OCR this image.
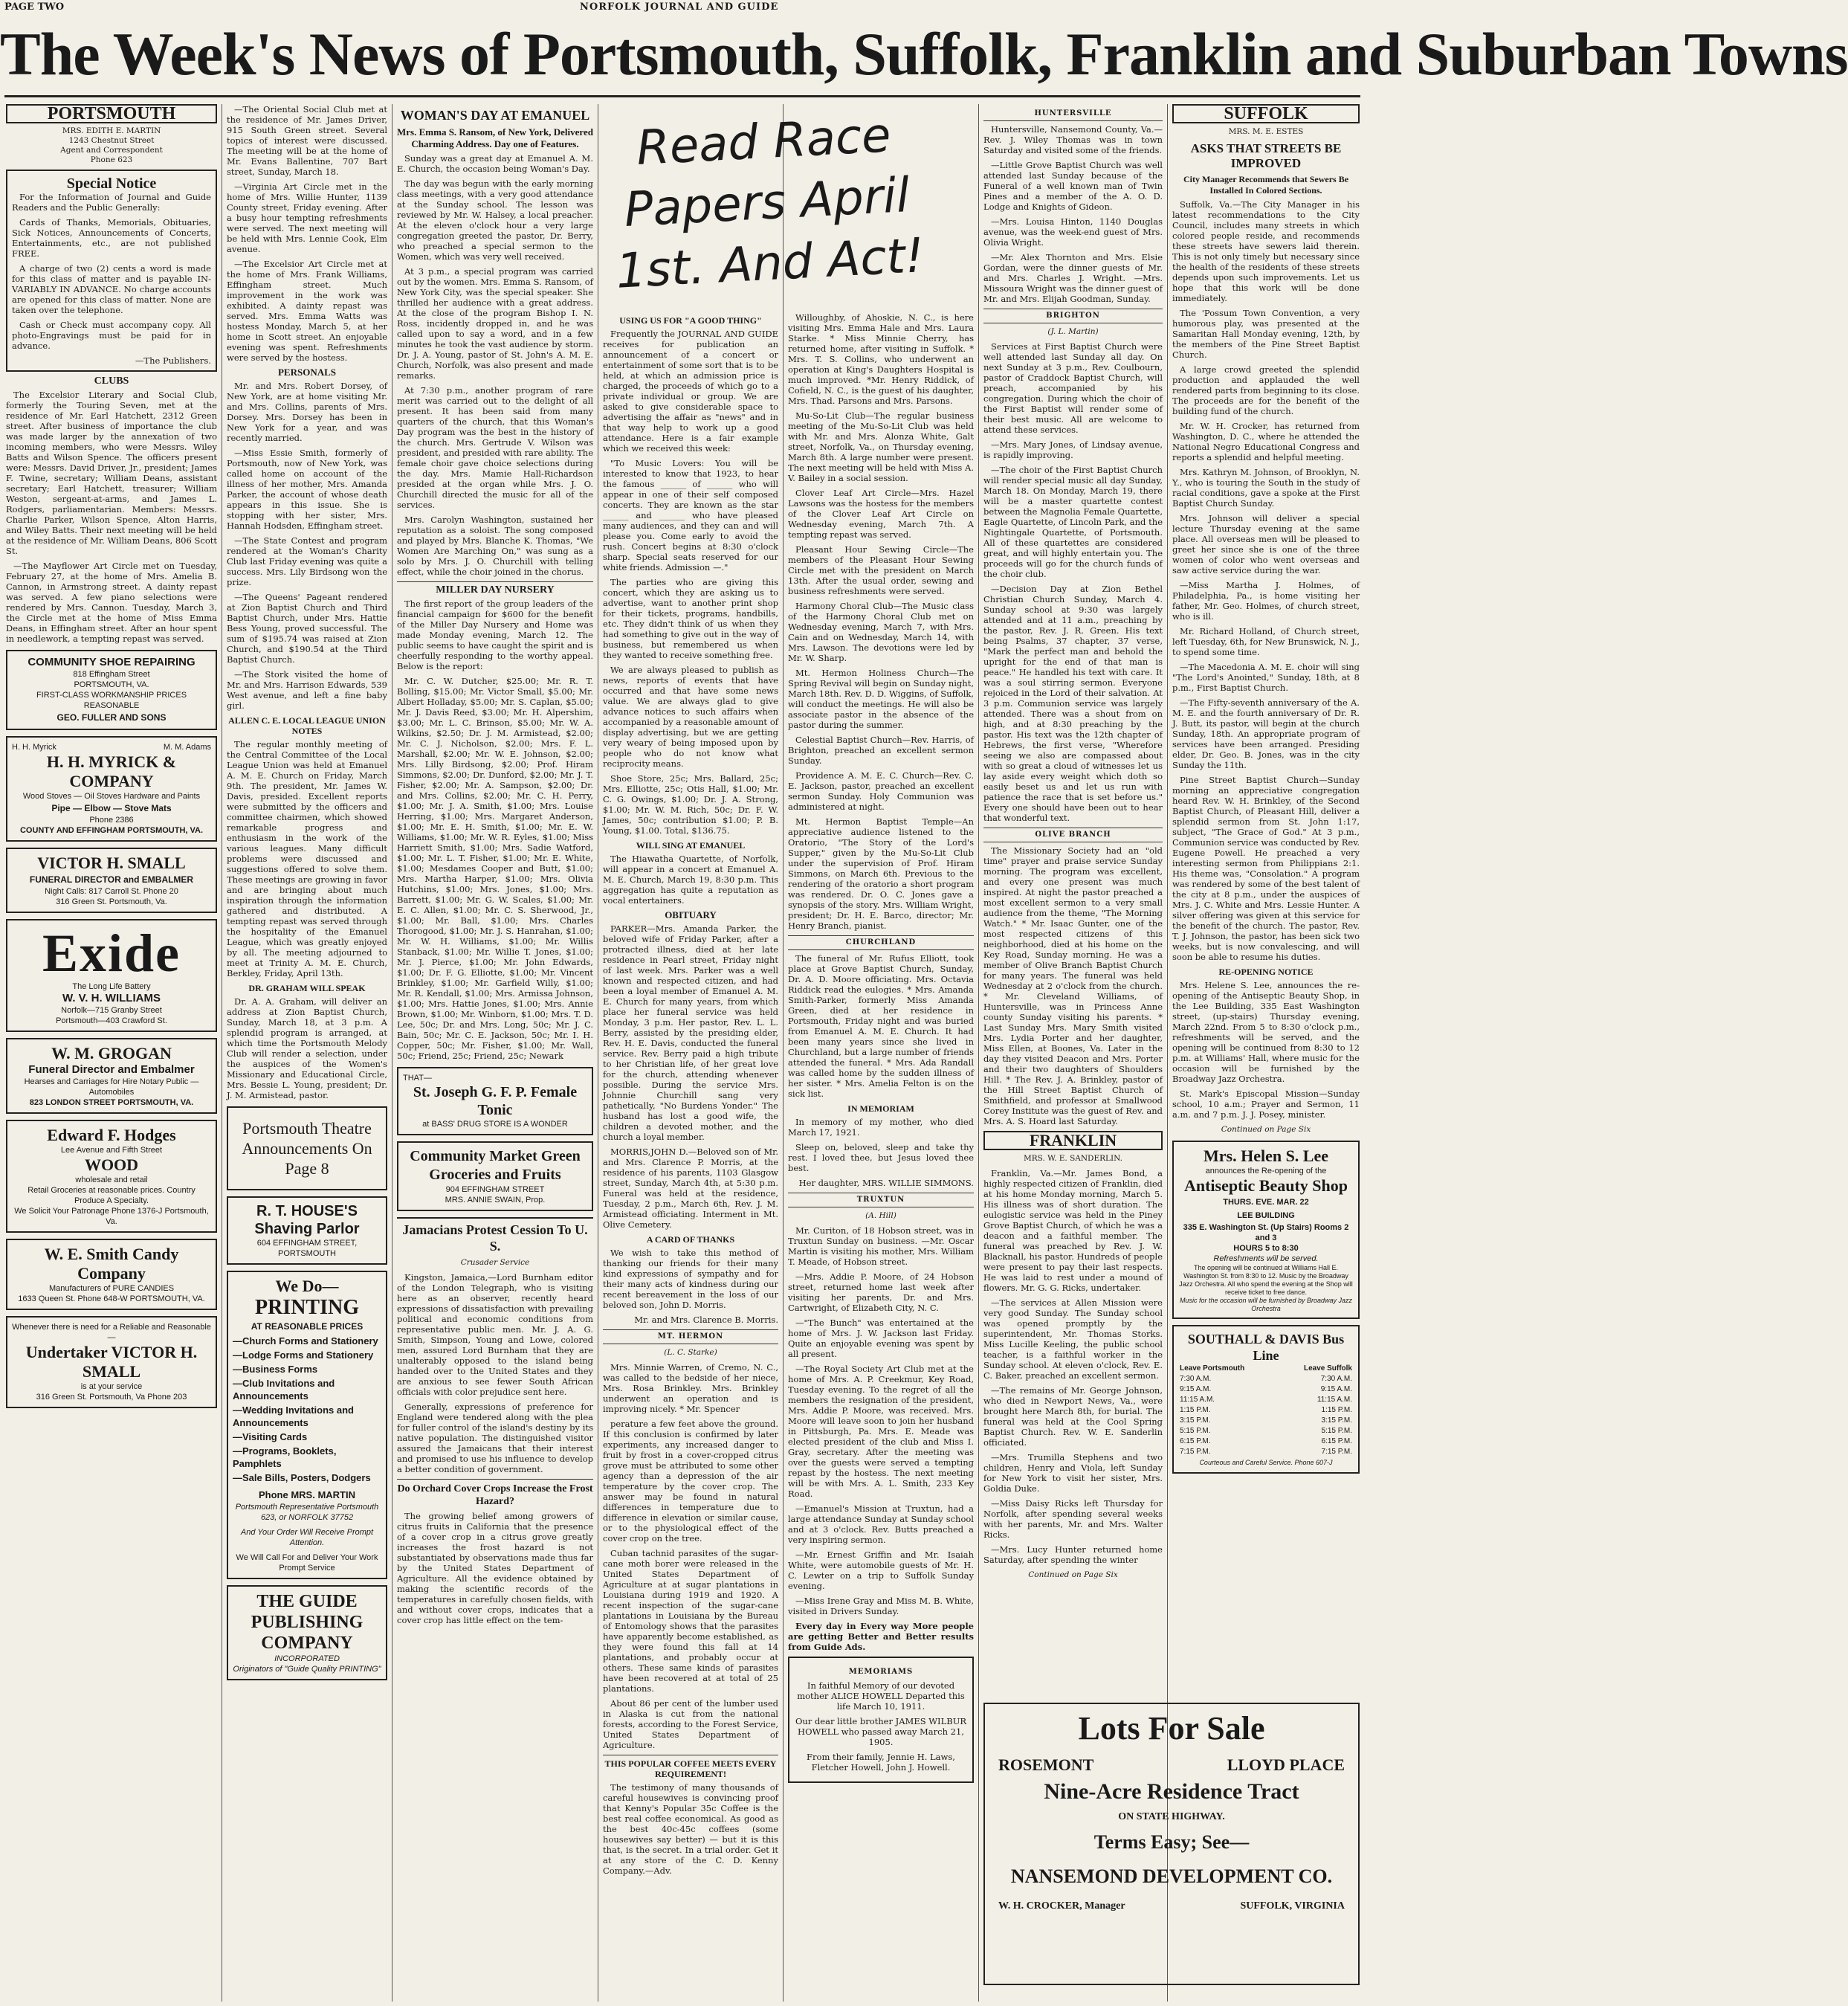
PAGE TWO	NORFOLK JOURNAL AND GUIDE
The Week's News of Portsmouth, Suffolk, Franklin and Suburban Towns
PORTSMOUTH
MRS. EDITH E. MARTIN
1243 Chestnut Street
Agent and Correspondent
Phone 623
Special Notice

For the Information of Journal and Guide Readers and the Public Generally:

Cards of Thanks, Memorials, Obituaries, Sick Notices, Announcements of Concerts, Entertainments, etc., are not published FREE.

A charge of two (2) cents a word is made for this class of matter and is payable IN-VARIABLY IN ADVANCE. No charge accounts are opened for this class of matter. None are taken over the telephone.

Cash or Check must accompany copy. All photo-Engravings must be paid for in advance.

—The Publishers.
CLUBS

The Excelsior Literary and Social Club, formerly the Touring Seven, met at the residence of Mr. Earl Hatchett, 2312 Green street. After business of importance the club was made larger by the annexation of two incoming members, who were Messrs. Wiley Batts and Wilson Spence. The officers present were: Messrs. David Driver, Jr., president; James F. Twine, secretary; William Deans, assistant secretary; Earl Hatchett, treasurer; William Weston, sergeant-at-arms, and James L. Rodgers, parliamentarian. Members: Messrs. Charlie Parker, Wilson Spence, Alton Harris, and Wiley Batts. Their next meeting will be held at the residence of Mr. William Deans, 806 Scott St.

—The Mayflower Art Circle met on Tuesday, February 27, at the home of Mrs. Amelia B. Cannon, in Armstrong street. A dainty repast was served. A few piano selections were rendered by Mrs. Cannon. Tuesday, March 3, the Circle met at the home of Miss Emma Deans, in Effingham street. After an hour spent in needlework, a tempting repast was served.

COMMUNITY SHOE REPAIRING
818 Effingham Street
PORTSMOUTH, VA.
FIRST-CLASS WORKMANSHIP PRICES REASONABLE
GEO. FULLER AND SONS
H. H. Myrick	M. M. Adams
H. H. MYRICK & COMPANY
Wood Stoves — Oil Stoves Hardware and Paints
Pipe — Elbow — Stove Mats
Phone 2386
COUNTY AND EFFINGHAM PORTSMOUTH, VA.
VICTOR H. SMALL
FUNERAL DIRECTOR and EMBALMER
Night Calls: 817 Carroll St. Phone 20
316 Green St. Portsmouth, Va.
Exide
The Long Life Battery
W. V. H. WILLIAMS
Norfolk—715 Granby Street
Portsmouth—403 Crawford St.
W. M. GROGAN
Funeral Director and Embalmer
Hearses and Carriages for Hire Notary Public — Automobiles
823 LONDON STREET PORTSMOUTH, VA.
Edward F. Hodges
Lee Avenue and Fifth Street
WOOD
wholesale and retail
Retail Groceries at reasonable prices. Country Produce A Specialty.
We Solicit Your Patronage Phone 1376-J Portsmouth, Va.
W. E. Smith Candy Company
Manufacturers of PURE CANDIES
1633 Queen St. Phone 648-W PORTSMOUTH, VA.
Whenever there is need for a Reliable and Reasonable—
Undertaker VICTOR H. SMALL
is at your service
316 Green St. Portsmouth, Va Phone 203

—The Oriental Social Club met at the residence of Mr. James Driver, 915 South Green street. Several topics of interest were discussed. The meeting will be at the home of Mr. Evans Ballentine, 707 Bart street, Sunday, March 18.

—Virginia Art Circle met in the home of Mrs. Willie Hunter, 1139 County street, Friday evening. After a busy hour tempting refreshments were served. The next meeting will be held with Mrs. Lennie Cook, Elm avenue.

—The Excelsior Art Circle met at the home of Mrs. Frank Williams, Effingham street. Much improvement in the work was exhibited. A dainty repast was served. Mrs. Emma Watts was hostess Monday, March 5, at her home in Scott street. An enjoyable evening was spent. Refreshments were served by the hostess.

PERSONALS

Mr. and Mrs. Robert Dorsey, of New York, are at home visiting Mr. and Mrs. Collins, parents of Mrs. Dorsey. Mrs. Dorsey has been in New York for a year, and was recently married.

—Miss Essie Smith, formerly of Portsmouth, now of New York, was called home on account of the illness of her mother, Mrs. Amanda Parker, the account of whose death appears in this issue. She is stopping with her sister, Mrs. Hannah Hodsden, Effingham street.

—The State Contest and program rendered at the Woman's Charity Club last Friday evening was quite a success. Mrs. Lily Birdsong won the prize.

—The Queens' Pageant rendered at Zion Baptist Church and Third Baptist Church, under Mrs. Hattie Bess Young, proved successful. The sum of $195.74 was raised at Zion Church, and $190.54 at the Third Baptist Church.

—The Stork visited the home of Mr. and Mrs. Harrison Edwards, 539 West avenue, and left a fine baby girl.

ALLEN C. E. LOCAL LEAGUE UNION NOTES

The regular monthly meeting of the Central Committee of the Local League Union was held at Emanuel A. M. E. Church on Friday, March 9th. The president, Mr. James W. Davis, presided. Excellent reports were submitted by the officers and committee chairmen, which showed remarkable progress and enthusiasm in the work of the various leagues. Many difficult problems were discussed and suggestions offered to solve them. These meetings are growing in favor and are bringing about much inspiration through the information gathered and distributed. A tempting repast was served through the hospitality of the Emanuel League, which was greatly enjoyed by all. The meeting adjourned to meet at Trinity A. M. E. Church, Berkley, Friday, April 13th.

DR. GRAHAM WILL SPEAK

Dr. A. A. Graham, will deliver an address at Zion Baptist Church, Sunday, March 18, at 3 p.m. A splendid program is arranged, at which time the Portsmouth Melody Club will render a selection, under the auspices of the Women's Missionary and Educational Circle, Mrs. Bessie L. Young, president; Dr. J. M. Armistead, pastor.

Portsmouth Theatre Announcements On Page 8
R. T. HOUSE'S
Shaving Parlor
604 EFFINGHAM STREET, PORTSMOUTH
We Do—
PRINTING
AT REASONABLE PRICES
—Church Forms and Stationery
—Lodge Forms and Stationery
—Business Forms
—Club Invitations and Announcements
—Wedding Invitations and Announcements
—Visiting Cards
—Programs, Booklets, Pamphlets
—Sale Bills, Posters, Dodgers
Phone MRS. MARTIN
Portsmouth Representative Portsmouth 623, or NORFOLK 37752
And Your Order Will Receive Prompt Attention.
We Will Call For and Deliver Your Work
Prompt Service
THE GUIDE PUBLISHING COMPANY
INCORPORATED
Originators of "Guide Quality PRINTING"
WOMAN'S DAY AT EMANUEL
Mrs. Emma S. Ransom, of New York, Delivered Charming Address. Day one of Features.

Sunday was a great day at Emanuel A. M. E. Church, the occasion being Woman's Day.

The day was begun with the early morning class meetings, with a very good attendance at the Sunday school. The lesson was reviewed by Mr. W. Halsey, a local preacher. At the eleven o'clock hour a very large congregation greeted the pastor, Dr. Berry, who preached a special sermon to the Women, which was very well received.

At 3 p.m., a special program was carried out by the women. Mrs. Emma S. Ransom, of New York City, was the special speaker. She thrilled her audience with a great address. At the close of the program Bishop I. N. Ross, incidently dropped in, and he was called upon to say a word, and in a few minutes he took the vast audience by storm. Dr. J. A. Young, pastor of St. John's A. M. E. Church, Norfolk, was also present and made remarks.

At 7:30 p.m., another program of rare merit was carried out to the delight of all present. It has been said from many quarters of the church, that this Woman's Day program was the best in the history of the church. Mrs. Gertrude V. Wilson was president, and presided with rare ability. The female choir gave choice selections during the day. Mrs. Mamie Hall-Richardson presided at the organ while Mrs. J. O. Churchill directed the music for all of the services.

Mrs. Carolyn Washington, sustained her reputation as a soloist. The song composed and played by Mrs. Blanche K. Thomas, "We Women Are Marching On," was sung as a solo by Mrs. J. O. Churchill with telling effect, while the choir joined in the chorus.

MILLER DAY NURSERY

The first report of the group leaders of the financial campaign for $600 for the benefit of the Miller Day Nursery and Home was made Monday evening, March 12. The public seems to have caught the spirit and is cheerfully responding to the worthy appeal. Below is the report:

Mr. C. W. Dutcher, $25.00; Mr. R. T. Bolling, $15.00; Mr. Victor Small, $5.00; Mr. Albert Holladay, $5.00; Mr. S. Caplan, $5.00; Mr. J. Davis Reed, $3.00; Mr. H. Alpershim, $3.00; Mr. L. C. Brinson, $5.00; Mr. W. A. Wilkins, $2.50; Dr. J. M. Armistead, $2.00; Mr. C. J. Nicholson, $2.00; Mrs. F. L. Marshall, $2.00; Mr. W. E. Johnson, $2.00; Mrs. Lilly Birdsong, $2.00; Prof. Hiram Simmons, $2.00; Dr. Dunford, $2.00; Mr. J. T. Fisher, $2.00; Mr. A. Sampson, $2.00; Dr. and Mrs. Collins, $2.00; Mr. C. H. Perry, $1.00; Mr. J. A. Smith, $1.00; Mrs. Louise Herring, $1.00; Mrs. Margaret Anderson, $1.00; Mr. E. H. Smith, $1.00; Mr. E. W. Williams, $1.00; Mr. W. R. Eyles, $1.00; Miss Harriett Smith, $1.00; Mrs. Sadie Watford, $1.00; Mr. L. T. Fisher, $1.00; Mr. E. White, $1.00; Mesdames Cooper and Butt, $1.00; Mrs. Martha Harper, $1.00; Mrs. Olivia Hutchins, $1.00; Mrs. Jones, $1.00; Mrs. Barrett, $1.00; Mr. G. W. Scales, $1.00; Mr. E. C. Allen, $1.00; Mr. C. S. Sherwood, Jr., $1.00; Mr. Ball, $1.00; Mrs. Charles Thorogood, $1.00; Mr. J. S. Hanrahan, $1.00; Mr. W. H. Williams, $1.00; Mr. Willis Stanback, $1.00; Mr. Willie T. Jones, $1.00; Mr. J. Pierce, $1.00; Mr. John Edwards, $1.00; Dr. F. G. Elliotte, $1.00; Mr. Vincent Brinkley, $1.00; Mr. Garfield Willy, $1.00; Mr. R. Kendall, $1.00; Mrs. Armissa Johnson, $1.00; Mrs. Hattie Jones, $1.00; Mrs. Annie Brown, $1.00; Mr. Winborn, $1.00; Mrs. T. D. Lee, 50c; Dr. and Mrs. Long, 50c; Mr. J. C. Bain, 50c; Mr. C. E. Jackson, 50c; Mr. I. H. Copper, 50c; Mr. Fisher, $1.00; Mr. Wall, 50c; Friend, 25c; Friend, 25c; Newark

THAT—
St. Joseph G. F. P. Female Tonic
at BASS' DRUG STORE IS A WONDER
Community Market Green Groceries and Fruits
904 EFFINGHAM STREET
MRS. ANNIE SWAIN, Prop.
Jamacians Protest Cession To U. S.
Crusader Service

Kingston, Jamaica,—Lord Burnham editor of the London Telegraph, who is visiting here as an observer, recently heard expressions of dissatisfaction with prevailing political and economic conditions from representative public men. Mr. J. A. G. Smith, Simpson, Young and Lowe, colored men, assured Lord Burnham that they are unalterably opposed to the island being handed over to the United States and they are anxious to see fewer South African officials with color prejudice sent here.

Generally, expressions of preference for England were tendered along with the plea for fuller control of the island's destiny by its native population. The distinguished visitor assured the Jamaicans that their interest and promised to use his influence to develop a better condition of government.

Do Orchard Cover Crops Increase the Frost Hazard?

The growing belief among growers of citrus fruits in California that the presence of a cover crop in a citrus grove greatly increases the frost hazard is not substantiated by observations made thus far by the United States Department of Agriculture. All the evidence obtained by making the scientific records of the temperatures in carefully chosen fields, with and without cover crops, indicates that a cover crop has little effect on the tem-

Read Race Papers April 1st. And Act!
USING US FOR "A GOOD THING"

Frequently the JOURNAL AND GUIDE receives for publication an announcement of a concert or entertainment of some sort that is to be held, at which an admission price is charged, the proceeds of which go to a private individual or group. We are asked to give considerable space to advertising the affair as "news" and in that way help to work up a good attendance. Here is a fair example which we received this week:

"To Music Lovers: You will be interested to know that 1923, to hear the famous ______ of ______ who will appear in one of their self composed concerts. They are known as the star ______ and ______ who have pleased many audiences, and they can and will please you. Come early to avoid the rush. Concert begins at 8:30 o'clock sharp. Special seats reserved for our white friends. Admission —."

The parties who are giving this concert, which they are asking us to advertise, want to another print shop for their tickets, programs, handbills, etc. They didn't think of us when they had something to give out in the way of business, but remembered us when they wanted to receive something free.

We are always pleased to publish as news, reports of events that have occurred and that have some news value. We are always glad to give advance notices to such affairs when accompanied by a reasonable amount of display advertising, but we are getting very weary of being imposed upon by people who do not know what reciprocity means.

Shoe Store, 25c; Mrs. Ballard, 25c; Mrs. Elliotte, 25c; Otis Hall, $1.00; Mr. C. G. Owings, $1.00; Dr. J. A. Strong, $1.00; Mr. W. M. Rich, 50c; Dr. F. W. James, 50c; contribution $1.00; P. B. Young, $1.00. Total, $136.75.

WILL SING AT EMANUEL

The Hiawatha Quartette, of Norfolk, will appear in a concert at Emanuel A. M. E. Church, March 19, 8:30 p.m. This aggregation has quite a reputation as vocal entertainers.

OBITUARY

PARKER—Mrs. Amanda Parker, the beloved wife of Friday Parker, after a protracted illness, died at her late residence in Pearl street, Friday night of last week. Mrs. Parker was a well known and respected citizen, and had been a loyal member of Emanuel A. M. E. Church for many years, from which place her funeral service was held Monday, 3 p.m. Her pastor, Rev. L. L. Berry, assisted by the presiding elder, Rev. H. E. Davis, conducted the funeral service. Rev. Berry paid a high tribute to her Christian life, of her great love for the church, attending whenever possible. During the service Mrs. Johnnie Churchill sang very pathetically, "No Burdens Yonder." The husband has lost a good wife, the children a devoted mother, and the church a loyal member.

MORRIS,JOHN D.—Beloved son of Mr. and Mrs. Clarence P. Morris, at the residence of his parents, 1103 Glasgow street, Sunday, March 4th, at 5:30 p.m. Funeral was held at the residence, Tuesday, 2 p.m., March 6th, Rev. J. M. Armistead officiating. Interment in Mt. Olive Cemetery.

A CARD OF THANKS

We wish to take this method of thanking our friends for their many kind expressions of sympathy and for their many acts of kindness during our recent bereavement in the loss of our beloved son, John D. Morris.

Mr. and Mrs. Clarence B. Morris.

MT. HERMON
(L. C. Starke)

Mrs. Minnie Warren, of Cremo, N. C., was called to the bedside of her niece, Mrs. Rosa Brinkley. Mrs. Brinkley underwent an operation and is improving nicely. * Mr. Spencer

perature a few feet above the ground. If this conclusion is confirmed by later experiments, any increased danger to fruit by frost in a cover-cropped citrus grove must be attributed to some other agency than a depression of the air temperature by the cover crop. The answer may be found in natural differences in temperature due to difference in elevation or similar cause, or to the physiological effect of the cover crop on the tree.

Cuban tachnid parasites of the sugar-cane moth borer were released in the United States Department of Agriculture at at sugar plantations in Louisiana during 1919 and 1920. A recent inspection of the sugar-cane plantations in Louisiana by the Bureau of Entomology shows that the parasites have apparently become established, as they were found this fall at 14 plantations, and probably occur at others. These same kinds of parasites have been recovered at at total of 25 plantations.

About 86 per cent of the lumber used in Alaska is cut from the national forests, according to the Forest Service, United States Department of Agriculture.

THIS POPULAR COFFEE MEETS EVERY REQUIREMENT!

The testimony of many thousands of careful housewives is convincing proof that Kenny's Popular 35c Coffee is the best real coffee economical. As good as the best 40c-45c coffees (some housewives say better) — but it is this that, is the secret. In a trial order. Get it at any store of the C. D. Kenny Company.—Adv.

Willoughby, of Ahoskie, N. C., is here visiting Mrs. Emma Hale and Mrs. Laura Starke. * Miss Minnie Cherry, has returned home, after visiting in Suffolk. * Mrs. T. S. Collins, who underwent an operation at King's Daughters Hospital is much improved. *Mr. Henry Riddick, of Cofield, N. C., is the guest of his daughter, Mrs. Thad. Parsons and Mrs. Parsons.

Mu-So-Lit Club—The regular business meeting of the Mu-So-Lit Club was held with Mr. and Mrs. Alonza White, Galt street, Norfolk, Va., on Thursday evening, March 8th. A large number were present. The next meeting will be held with Miss A. V. Bailey in a social session.

Clover Leaf Art Circle—Mrs. Hazel Lawsons was the hostess for the members of the Clover Leaf Art Circle on Wednesday evening, March 7th. A tempting repast was served.

Pleasant Hour Sewing Circle—The members of the Pleasant Hour Sewing Circle met with the president on March 13th. After the usual order, sewing and business refreshments were served.

Harmony Choral Club—The Music class of the Harmony Choral Club met on Wednesday evening, March 7, with Mrs. Cain and on Wednesday, March 14, with Mrs. Lawson. The devotions were led by Mr. W. Sharp.

Mt. Hermon Holiness Church—The Spring Revival will begin on Sunday night, March 18th. Rev. D. D. Wiggins, of Suffolk, will conduct the meetings. He will also be associate pastor in the absence of the pastor during the summer.

Celestial Baptist Church—Rev. Harris, of Brighton, preached an excellent sermon Sunday.

Providence A. M. E. C. Church—Rev. C. E. Jackson, pastor, preached an excellent sermon Sunday. Holy Communion was administered at night.

Mt. Hermon Baptist Temple—An appreciative audience listened to the Oratorio, "The Story of the Lord's Supper," given by the Mu-So-Lit Club under the supervision of Prof. Hiram Simmons, on March 6th. Previous to the rendering of the oratorio a short program was rendered. Dr. O. C. Jones gave a synopsis of the story. Mrs. William Wright, president; Dr. H. E. Barco, director; Mr. Henry Branch, pianist.

CHURCHLAND

The funeral of Mr. Rufus Elliott, took place at Grove Baptist Church, Sunday, Dr. A. D. Moore officiating. Mrs. Octavia Riddick read the eulogies. * Mrs. Amanda Smith-Parker, formerly Miss Amanda Green, died at her residence in Portsmouth, Friday night and was buried from Emanuel A. M. E. Church. It had been many years since she lived in Churchland, but a large number of friends attended the funeral. * Mrs. Ada Randall was called home by the sudden illness of her sister. * Mrs. Amelia Felton is on the sick list.

IN MEMORIAM

In memory of my mother, who died March 17, 1921.

Sleep on, beloved, sleep and take thy rest. I loved thee, but Jesus loved thee best.

Her daughter, MRS. WILLIE SIMMONS.

TRUXTUN
(A. Hill)

Mr. Curiton, of 18 Hobson street, was in Truxtun Sunday on business. —Mr. Oscar Martin is visiting his mother, Mrs. William T. Meade, of Hobson street.

—Mrs. Addie P. Moore, of 24 Hobson street, returned home last week after visiting her parents, Dr. and Mrs. Cartwright, of Elizabeth City, N. C.

—"The Bunch" was entertained at the home of Mrs. J. W. Jackson last Friday. Quite an enjoyable evening was spent by all present.

—The Royal Society Art Club met at the home of Mrs. A. P. Creekmur, Key Road, Tuesday evening. To the regret of all the members the resignation of the president, Mrs. Addie P. Moore, was received. Mrs. Moore will leave soon to join her husband in Pittsburgh, Pa. Mrs. E. Meade was elected president of the club and Miss I. Gray, secretary. After the meeting was over the guests were served a tempting repast by the hostess. The next meeting will be with Mrs. A. L. Smith, 233 Key Road.

—Emanuel's Mission at Truxtun, had a large attendance Sunday at Sunday school and at 3 o'clock. Rev. Butts preached a very inspiring sermon.

—Mr. Ernest Griffin and Mr. Isaiah White, were automobile guests of Mr. H. C. Lewter on a trip to Suffolk Sunday evening.

—Miss Irene Gray and Miss M. B. White, visited in Drivers Sunday.

Every day in Every way More people are getting Better and Better results from Guide Ads.

MEMORIAMS

In faithful Memory of our devoted mother ALICE HOWELL Departed this life March 10, 1911.

Our dear little brother JAMES WILBUR HOWELL who passed away March 21, 1905.

From their family, Jennie H. Laws, Fletcher Howell, John J. Howell.

HUNTERSVILLE

Huntersville, Nansemond County, Va.—Rev. J. Wiley Thomas was in town Saturday and visited some of the friends.

—Little Grove Baptist Church was well attended last Sunday because of the Funeral of a well known man of Twin Pines and a member of the A. O. D. Lodge and Knights of Gideon.

—Mrs. Louisa Hinton, 1140 Douglas avenue, was the week-end guest of Mrs. Olivia Wright.

—Mr. Alex Thornton and Mrs. Elsie Gordan, were the dinner guests of Mr. and Mrs. Charles J. Wright. —Mrs. Missoura Wright was the dinner guest of Mr. and Mrs. Elijah Goodman, Sunday.

BRIGHTON
(J. L. Martin)

Services at First Baptist Church were well attended last Sunday all day. On next Sunday at 3 p.m., Rev. Coulbourn, pastor of Craddock Baptist Church, will preach, accompanied by his congregation. During which the choir of the First Baptist will render some of their best music. All are welcome to attend these services.

—Mrs. Mary Jones, of Lindsay avenue, is rapidly improving.

—The choir of the First Baptist Church will render special music all day Sunday, March 18. On Monday, March 19, there will be a master quartette contest between the Magnolia Female Quartette, Eagle Quartette, of Lincoln Park, and the Nightingale Quartette, of Portsmouth. All of these quartettes are considered great, and will highly entertain you. The proceeds will go for the church funds of the choir club.

—Decision Day at Zion Bethel Christian Church Sunday, March 4. Sunday school at 9:30 was largely attended and at 11 a.m., preaching by the pastor, Rev. J. R. Green. His text being Psalms, 37 chapter, 37 verse, "Mark the perfect man and behold the upright for the end of that man is peace." He handled his text with care. It was a soul stirring sermon. Everyone rejoiced in the Lord of their salvation. At 3 p.m. Communion service was largely attended. There was a shout from on high, and at 8:30 preaching by the pastor. His text was the 12th chapter of Hebrews, the first verse, "Wherefore seeing we also are compassed about with so great a cloud of witnesses let us lay aside every weight which doth so easily beset us and let us run with patience the race that is set before us." Every one should have been out to hear that wonderful text.

OLIVE BRANCH

The Missionary Society had an "old time" prayer and praise service Sunday morning. The program was excellent, and every one present was much inspired. At night the pastor preached a most excellent sermon to a very small audience from the theme, "The Morning Watch." * Mr. Isaac Gunter, one of the most respected citizens of this neighborhood, died at his home on the Key Road, Sunday morning. He was a member of Olive Branch Baptist Church for many years. The funeral was held Wednesday at 2 o'clock from the church. * Mr. Cleveland Williams, of Huntersville, was in Princess Anne county Sunday visiting his parents. * Last Sunday Mrs. Mary Smith visited Mrs. Lydia Porter and her daughter, Miss Ellen, at Boones, Va. Later in the day they visited Deacon and Mrs. Porter and their two daughters of Shoulders Hill. * The Rev. J. A. Brinkley, pastor of the Hill Street Baptist Church of Smithfield, and professor at Smallwood Corey Institute was the guest of Rev. and Mrs. A. S. Hoard last Saturday.

FRANKLIN
MRS. W. E. SANDERLIN.

Franklin, Va.—Mr. James Bond, a highly respected citizen of Franklin, died at his home Monday morning, March 5. His illness was of short duration. The eulogistic service was held in the Piney Grove Baptist Church, of which he was a deacon and a faithful member. The funeral was preached by Rev. J. W. Blacknall, his pastor. Hundreds of people were present to pay their last respects. He was laid to rest under a mound of flowers. Mr. G. G. Ricks, undertaker.

—The services at Allen Mission were very good Sunday. The Sunday school was opened promptly by the superintendent, Mr. Thomas Storks. Miss Lucille Keeling, the public school teacher, is a faithful worker in the Sunday school. At eleven o'clock, Rev. E. C. Baker, preached an excellent sermon.

—The remains of Mr. George Johnson, who died in Newport News, Va., were brought here March 8th, for burial. The funeral was held at the Cool Spring Baptist Church. Rev. W. E. Sanderlin officiated.

—Mrs. Trumilla Stephens and two children, Henry and Viola, left Sunday for New York to visit her sister, Mrs. Goldia Duke.

—Miss Daisy Ricks left Thursday for Norfolk, after spending several weeks with her parents, Mr. and Mrs. Walter Ricks.

—Mrs. Lucy Hunter returned home Saturday, after spending the winter

Continued on Page Six
SUFFOLK
MRS. M. E. ESTES
ASKS THAT STREETS BE IMPROVED
City Manager Recommends that Sewers Be Installed In Colored Sections.

Suffolk, Va.—The City Manager in his latest recommendations to the City Council, includes many streets in which colored people reside, and recommends these streets have sewers laid therein. This is not only timely but necessary since the health of the residents of these streets depends upon such improvements. Let us hope that this work will be done immediately.

The 'Possum Town Convention, a very humorous play, was presented at the Samaritan Hall Monday evening, 12th, by the members of the Pine Street Baptist Church.

A large crowd greeted the splendid production and applauded the well rendered parts from beginning to its close. The proceeds are for the benefit of the building fund of the church.

Mr. W. H. Crocker, has returned from Washington, D. C., where he attended the National Negro Educational Congress and reports a splendid and helpful meeting.

Mrs. Kathryn M. Johnson, of Brooklyn, N. Y., who is touring the South in the study of racial conditions, gave a spoke at the First Baptist Church Sunday.

Mrs. Johnson will deliver a special lecture Thursday evening at the same place. All overseas men will be pleased to greet her since she is one of the three women of color who went overseas and saw active service during the war.

—Miss Martha J. Holmes, of Philadelphia, Pa., is home visiting her father, Mr. Geo. Holmes, of church street, who is ill.

Mr. Richard Holland, of Church street, left Tuesday, 6th, for New Brunswick, N. J., to spend some time.

—The Macedonia A. M. E. choir will sing "The Lord's Anointed," Sunday, 18th, at 8 p.m., First Baptist Church.

—The Fifty-seventh anniversary of the A. M. E. and the fourth anniversary of Dr. R. J. Butt, its pastor, will begin at the church Sunday, 18th. An appropriate program of services have been arranged. Presiding elder, Dr. Geo. B. Jones, was in the city Sunday the 11th.

Pine Street Baptist Church—Sunday morning an appreciative congregation heard Rev. W. H. Brinkley, of the Second Baptist Church, of Pleasant Hill, deliver a splendid sermon from St. John 1:17, subject, "The Grace of God." At 3 p.m., Communion service was conducted by Rev. Eugene Powell. He preached a very interesting sermon from Philippians 2:1. His theme was, "Consolation." A program was rendered by some of the best talent of the city at 8 p.m., under the auspices of Mrs. J. C. White and Mrs. Lessie Hunter. A silver offering was given at this service for the benefit of the church. The pastor, Rev. T. J. Johnson, the pastor, has been sick two weeks, but is now convalescing, and will soon be able to resume his duties.

RE-OPENING NOTICE

Mrs. Helene S. Lee, announces the re-opening of the Antiseptic Beauty Shop, in the Lee Building, 335 East Washington street, (up-stairs) Thursday evening, March 22nd. From 5 to 8:30 o'clock p.m., refreshments will be served, and the opening will be continued from 8:30 to 12 p.m. at Williams' Hall, where music for the occasion will be furnished by the Broadway Jazz Orchestra.

St. Mark's Episcopal Mission—Sunday school, 10 a.m.; Prayer and Sermon, 11 a.m. and 7 p.m. J. J. Posey, minister.

Continued on Page Six
Mrs. Helen S. Lee
announces the Re-opening of the
Antiseptic Beauty Shop
THURS. EVE. MAR. 22
LEE BUILDING
335 E. Washington St. (Up Stairs) Rooms 2 and 3
HOURS 5 to 8:30
Refreshments will be served.
The opening will be continued at Williams Hall E. Washington St. from 8:30 to 12. Music by the Broadway Jazz Orchestra. All who spend the evening at the Shop will receive ticket to free dance.
Music for the occasion will be furnished by Broadway Jazz Orchestra
SOUTHALL & DAVIS Bus Line
Leave Portsmouth	Leave Suffolk
7:30 A.M.	7:30 A.M.
9:15 A.M.	9:15 A.M.
11:15 A.M.	11:15 A.M.
1:15 P.M.	1:15 P.M.
3:15 P.M.	3:15 P.M.
5:15 P.M.	5:15 P.M.
6:15 P.M.	6:15 P.M.
7:15 P.M.	7:15 P.M.
Courteous and Careful Service. Phone 607-J
Lots For Sale
ROSEMONT	LLOYD PLACE
Nine-Acre Residence Tract
ON STATE HIGHWAY.
Terms Easy; See—
NANSEMOND DEVELOPMENT CO.
W. H. CROCKER, Manager	SUFFOLK, VIRGINIA
